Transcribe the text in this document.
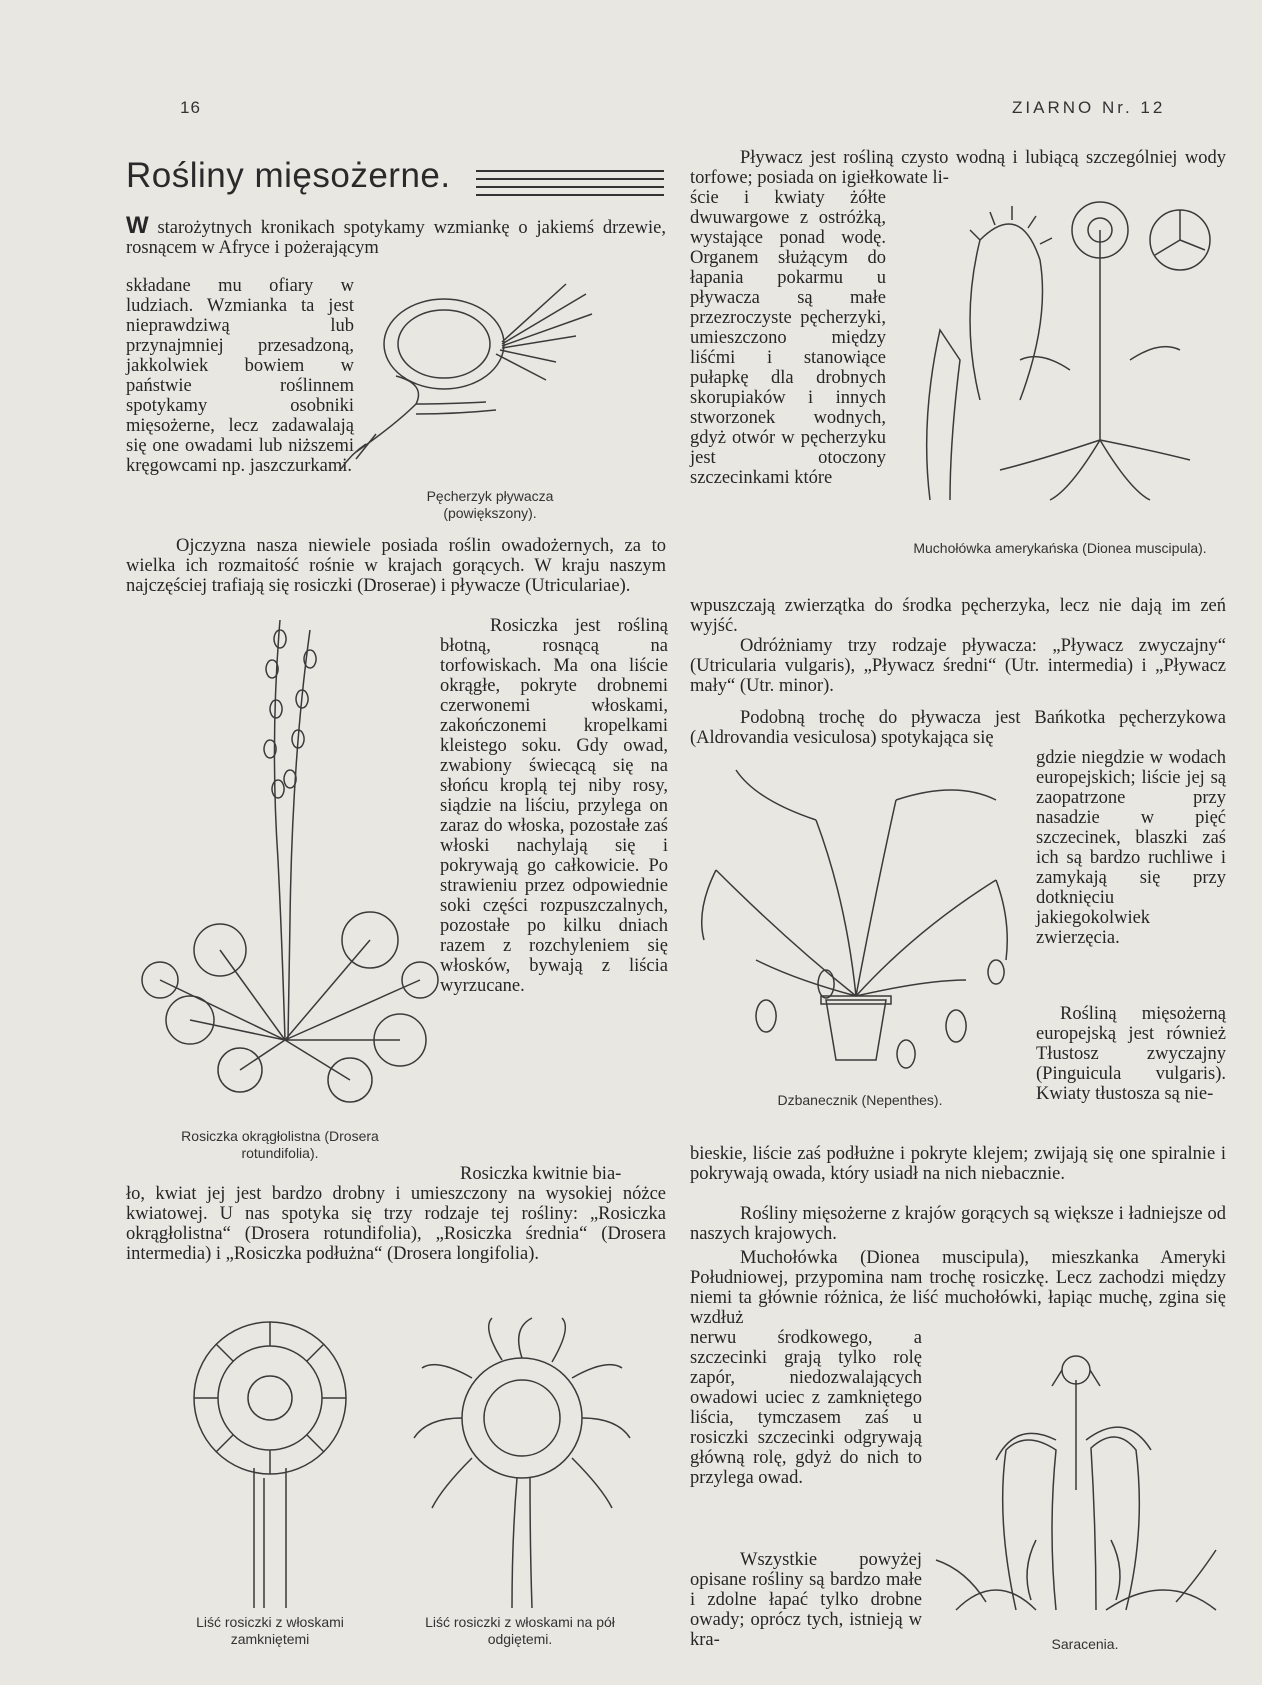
16	ZIARNO Nr. 12
Rośliny mięsożerne.

W starożytnych kronikach spotykamy wzmiankę o jakiemś drzewie, rosnącem w Afryce i pożerającym

składane mu ofiary w ludziach. Wzmianka ta jest nieprawdziwą lub przynajmniej przesadzoną, jakkolwiek bowiem w państwie roślinnem spotykamy osobniki mięsożerne, lecz zadawalają się one owadami lub niższemi kręgowcami np. jaszczurkami.

Pęcherzyk pływacza (powiększony).

Ojczyzna nasza niewiele posiada roślin owadożernych, za to wielka ich rozmaitość rośnie w krajach gorących. W kraju naszym najczęściej trafiają się rosiczki (Droserae) i pływacze (Utriculariae).

Rosiczka okrągłolistna (Drosera rotundifolia).

Rosiczka jest rośliną błotną, rosnącą na torfowiskach. Ma ona liście okrągłe, pokryte drobnemi czerwonemi włoskami, zakończonemi kropelkami kleistego soku. Gdy owad, zwabiony świecącą się na słońcu kroplą tej niby rosy, siądzie na liściu, przylega on zaraz do włoska, pozostałe zaś włoski nachylają się i pokrywają go całkowicie. Po strawieniu przez odpowiednie soki części rozpuszczalnych, pozostałe po kilku dniach razem z rozchyleniem się włosków, bywają z liścia wyrzucane.

Rosiczka kwitnie bia-

ło, kwiat jej jest bardzo drobny i umieszczony na wysokiej nóżce kwiatowej. U nas spotyka się trzy rodzaje tej rośliny: „Rosiczka okrągłolistna“ (Drosera rotundifolia), „Rosiczka średnia“ (Drosera intermedia) i „Rosiczka podłużna“ (Drosera longifolia).

Liść rosiczki z włoskami zamkniętemi
Liść rosiczki z włoskami na pół odgiętemi.

Pływacz jest rośliną czysto wodną i lubiącą szczególniej wody torfowe; posiada on igiełkowate li-

ście i kwiaty żółte dwuwargowe z ostróżką, wystające ponad wodę. Organem służącym do łapania pokarmu u pływacza są małe przezroczyste pęcherzyki, umieszczono między liśćmi i stanowiące pułapkę dla drobnych skorupiaków i innych stworzonek wodnych, gdyż otwór w pęcherzyku jest otoczony szczecinkami które

Muchołówka amerykańska (Dionea muscipula).

wpuszczają zwierzątka do środka pęcherzyka, lecz nie dają im zeń wyjść.

Odróżniamy trzy rodzaje pływacza: „Pływacz zwyczajny“ (Utricularia vulgaris), „Pływacz średni“ (Utr. intermedia) i „Pływacz mały“ (Utr. minor).

Podobną trochę do pływacza jest Bańkotka pęcherzykowa (Aldrovandia vesiculosa) spotykająca się

Dzbanecznik (Nepenthes).

gdzie niegdzie w wodach europejskich; liście jej są zaopatrzone przy nasadzie w pięć szczecinek, blaszki zaś ich są bardzo ruchliwe i zamykają się przy dotknięciu jakiegokolwiek zwierzęcia.

Rośliną mięsożerną europejską jest również Tłustosz zwyczajny (Pinguicula vulgaris). Kwiaty tłustosza są nie-

bieskie, liście zaś podłużne i pokryte klejem; zwijają się one spiralnie i pokrywają owada, który usiadł na nich niebacznie.

Rośliny mięsożerne z krajów gorących są większe i ładniejsze od naszych krajowych.

Muchołówka (Dionea muscipula), mieszkanka Ameryki Południowej, przypomina nam trochę rosiczkę. Lecz zachodzi między niemi ta głównie różnica, że liść muchołówki, łapiąc muchę, zgina się wzdłuż

nerwu środkowego, a szczecinki grają tylko rolę zapór, niedozwalających owadowi uciec z zamkniętego liścia, tymczasem zaś u rosiczki szczecinki odgrywają główną rolę, gdyż do nich to przylega owad.

Wszystkie powyżej opisane rośliny są bardzo małe i zdolne łapać tylko drobne owady; oprócz tych, istnieją w kra-	Saracenia.
